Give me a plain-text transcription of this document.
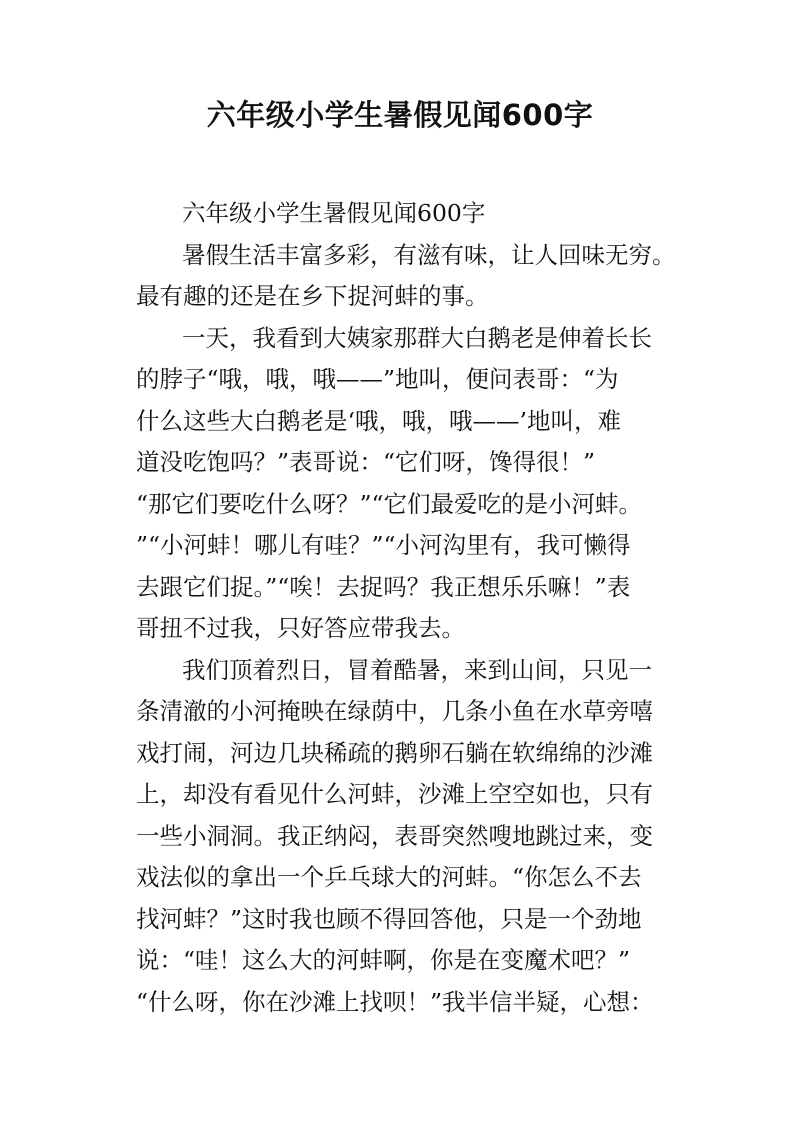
六年级小学生暑假见闻600字
六年级小学生暑假见闻600字
暑假生活丰富多彩，有滋有味，让人回味无穷。
最有趣的还是在乡下捉河蚌的事。
一天，我看到大姨家那群大白鹅老是伸着长长
的脖子“哦，哦，哦——”地叫，便问表哥：“为
什么这些大白鹅老是‘哦，哦，哦——’地叫，难
道没吃饱吗？”表哥说：“它们呀，馋得很！”
“那它们要吃什么呀？”“它们最爱吃的是小河蚌。
”“小河蚌！哪儿有哇？”“小河沟里有，我可懒得
去跟它们捉。”“唉！去捉吗？我正想乐乐嘛！”表
哥扭不过我，只好答应带我去。
我们顶着烈日，冒着酷暑，来到山间，只见一
条清澈的小河掩映在绿荫中，几条小鱼在水草旁嘻
戏打闹，河边几块稀疏的鹅卵石躺在软绵绵的沙滩
上，却没有看见什么河蚌，沙滩上空空如也，只有
一些小洞洞。我正纳闷，表哥突然嗖地跳过来，变
戏法似的拿出一个乒乓球大的河蚌。“你怎么不去
找河蚌？”这时我也顾不得回答他，只是一个劲地
说：“哇！这么大的河蚌啊，你是在变魔术吧？”
“什么呀，你在沙滩上找呗！”我半信半疑，心想：
